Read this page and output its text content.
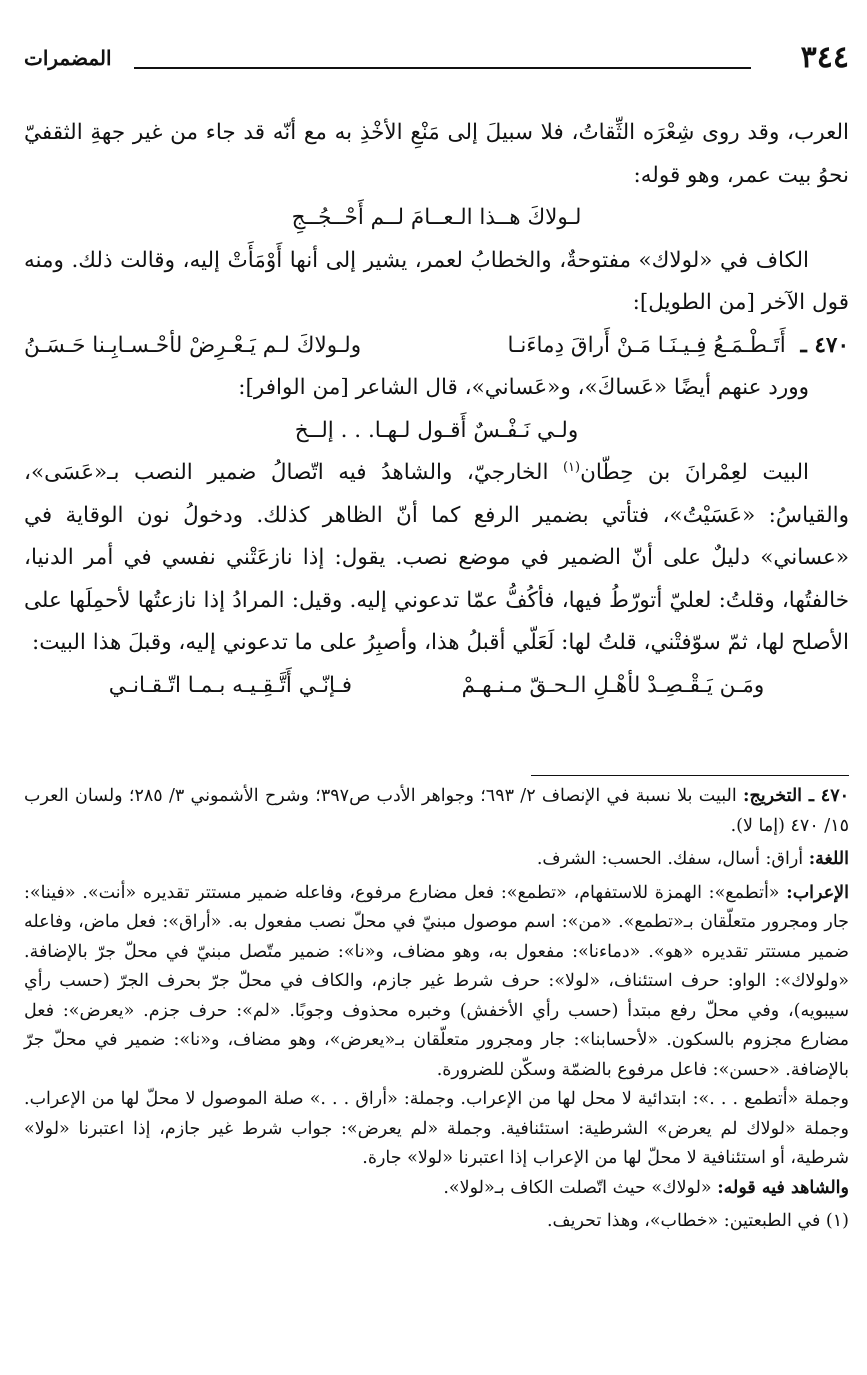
٣٤٤
المضمرات

العرب، وقد روى شِعْرَه الثِّقاتُ، فلا سبيلَ إلى مَنْعِ الأخْذِ به مع أنّه قد جاء من غير جهةِ الثقفيّ نحوُ بيت عمر، وهو قوله:

لـولاكَ هــذا الـعــامَ لــم أَحْــجُــجِ

الكاف في «لولاك» مفتوحةٌ، والخطابُ لعمر، يشير إلى أنها أَوْمَأَتْ إليه، وقالت ذلك. ومنه قول الآخر [من الطويل]:

٤٧٠ ـ أَتَـطْـمَـعُ فِـيـنَـا مَـنْ أَراقَ دِماءَنـا
ولـولاكَ لـم يَـعْـرِضْ لأحْـسـابِـنا حَـسَـنُ

وورد عنهم أيضًا «عَساكَ»، و«عَساني»، قال الشاعر [من الوافر]:

ولـي نَـفْـسٌ أَقـول لـهـا. . . إلــخ

البيت لعِمْرانَ بن حِطّان$^{(١)}$ الخارجيّ، والشاهدُ فيه اتّصالُ ضمير النصب بـ«عَسَى»، والقياسُ: «عَسَيْتُ»، فتأتي بضمير الرفع كما أنّ الظاهر كذلك. ودخولُ نون الوقاية في «عساني» دليلٌ على أنّ الضمير في موضع نصب. يقول: إذا نازعَتْني نفسي في أمر الدنيا، خالفتُها، وقلتُ: لعليّ أتورّطُ فيها، فأكُفُّ عمّا تدعوني إليه. وقيل: المرادُ إذا نازعتُها لأحمِلَها على الأصلح لها، ثمّ سوّفتْني، قلتُ لها: لَعَلّي أقبلُ هذا، وأصبِرُ على ما تدعوني إليه، وقبلَ هذا البيت:

ومَـن يَـقْـصِـدْ لأهْـلِ الـحـقّ مـنـهـمْ
فـإنّـي أَتَّـقِـيـه بـمـا اتّـقـانـي

٤٧٠ ـ التخريج: البيت بلا نسبة في الإنصاف ٢/ ٦٩٣؛ وجواهر الأدب ص٣٩٧؛ وشرح الأشموني ٣/ ٢٨٥؛ ولسان العرب ١٥/ ٤٧٠ (إما لا).

اللغة: أراق: أسال، سفك. الحسب: الشرف.

الإعراب: «أتطمع»: الهمزة للاستفهام، «تطمع»: فعل مضارع مرفوع، وفاعله ضمير مستتر تقديره «أنت». «فينا»: جار ومجرور متعلّقان بـ«تطمع». «من»: اسم موصول مبنيّ في محلّ نصب مفعول به. «أراق»: فعل ماض، وفاعله ضمير مستتر تقديره «هو». «دماءنا»: مفعول به، وهو مضاف، و«نا»: ضمير متّصل مبنيّ في محلّ جرّ بالإضافة. «ولولاك»: الواو: حرف استئناف، «لولا»: حرف شرط غير جازم، والكاف في محلّ جرّ بحرف الجرّ (حسب رأي سيبويه)، وفي محلّ رفع مبتدأ (حسب رأي الأخفش) وخبره محذوف وجوبًا. «لم»: حرف جزم. «يعرض»: فعل مضارع مجزوم بالسكون. «لأحسابنا»: جار ومجرور متعلّقان بـ«يعرض»، وهو مضاف، و«نا»: ضمير في محلّ جرّ بالإضافة. «حسن»: فاعل مرفوع بالضمّة وسكّن للضرورة.

وجملة «أتطمع . . .»: ابتدائية لا محل لها من الإعراب. وجملة: «أراق . . .» صلة الموصول لا محلّ لها من الإعراب. وجملة «لولاك لم يعرض» الشرطية: استئنافية. وجملة «لم يعرض»: جواب شرط غير جازم، إذا اعتبرنا «لولا» شرطية، أو استئنافية لا محلّ لها من الإعراب إذا اعتبرنا «لولا» جارة.

والشاهد فيه قوله: «لولاك» حيث اتّصلت الكاف بـ«لولا».

(١) في الطبعتين: «خطاب»، وهذا تحريف.
